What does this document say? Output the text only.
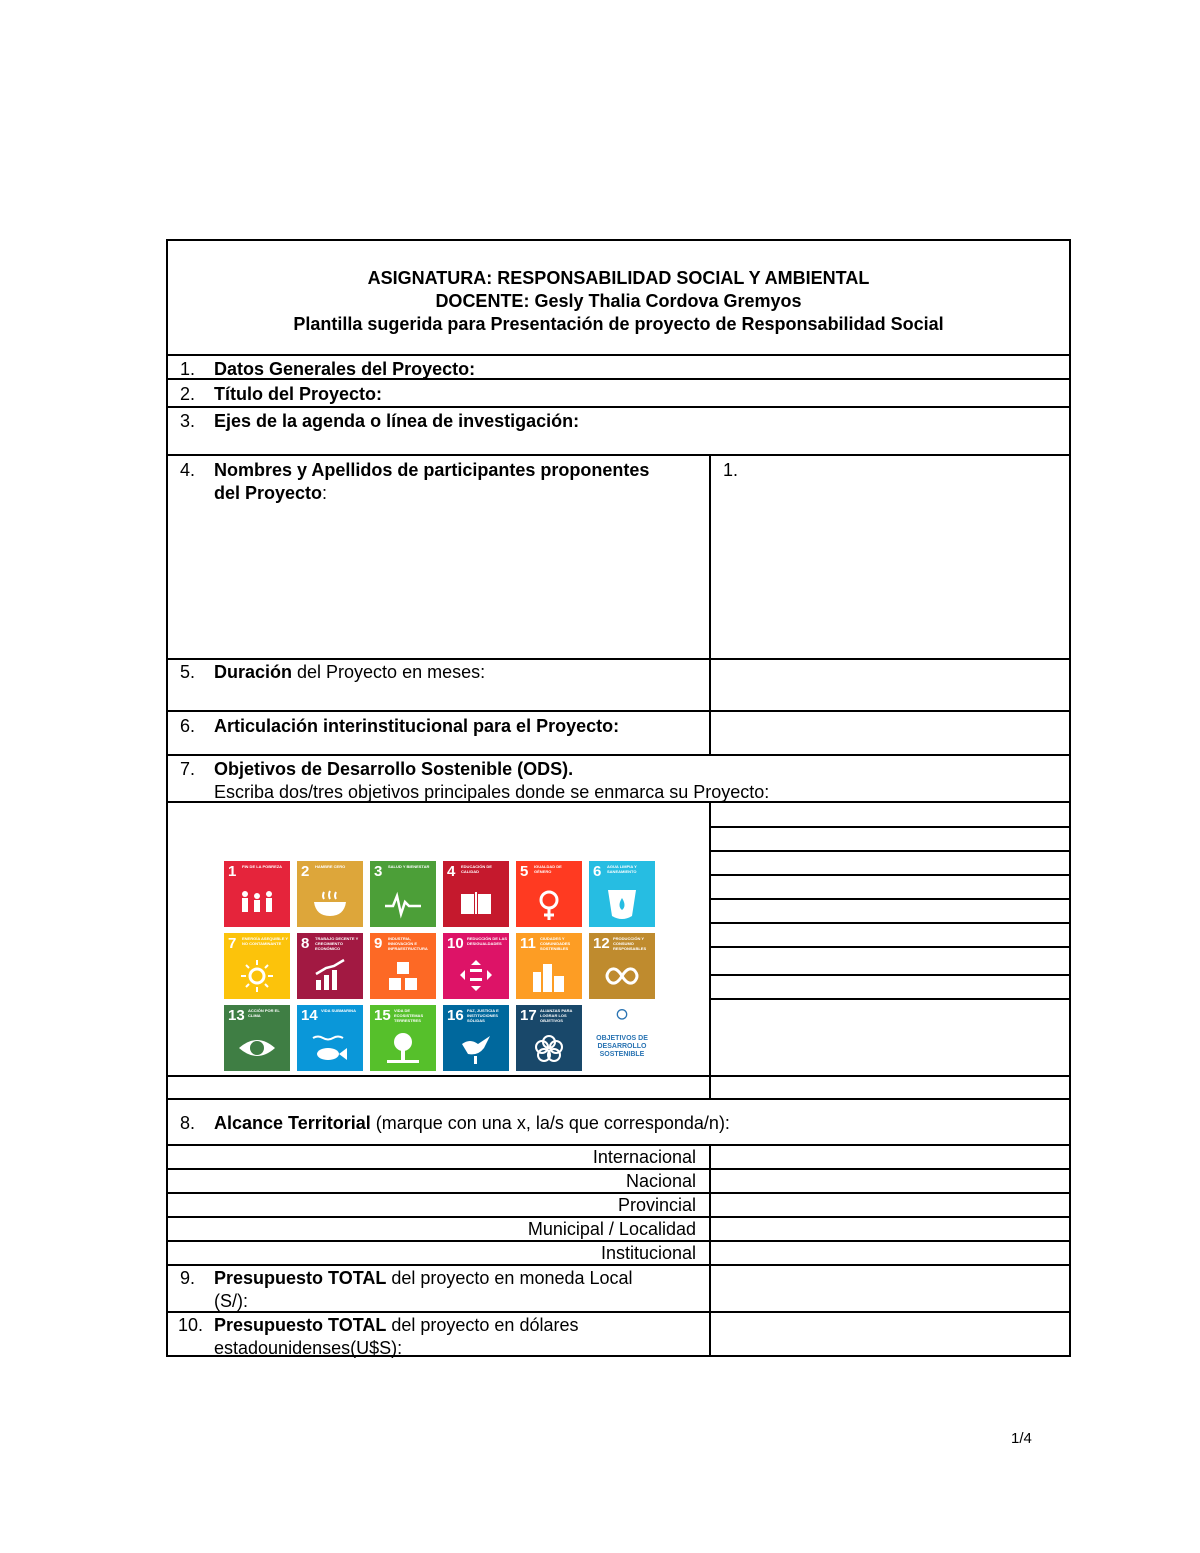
ASIGNATURA: RESPONSABILIDAD SOCIAL Y AMBIENTAL
DOCENTE: Gesly Thalia Cordova Gremyos
Plantilla sugerida para Presentación de proyecto de Responsabilidad Social
1. Datos Generales del Proyecto:
2. Título del Proyecto:
3. Ejes de la agenda o línea de investigación:
4. Nombres y Apellidos de participantes proponentes
del Proyecto:
1.
5. Duración del Proyecto en meses:
6. Articulación interinstitucional para el Proyecto:
7. Objetivos de Desarrollo Sostenible (ODS).
Escriba dos/tres objetivos principales donde se enmarca su Proyecto:
1 FIN DE LA POBREZA	2 HAMBRE CERO	3 SALUD Y BIENESTAR	4 EDUCACIÓN DE CALIDAD	5 IGUALDAD DE GÉNERO	6 AGUA LIMPIA Y SANEAMIENTO
7 ENERGÍA ASEQUIBLE Y NO CONTAMINANTE	8 TRABAJO DECENTE Y CRECIMIENTO ECONÓMICO	9 INDUSTRIA, INNOVACIÓN E INFRAESTRUCTURA	10 REDUCCIÓN DE LAS DESIGUALDADES	11 CIUDADES Y COMUNIDADES SOSTENIBLES	12 PRODUCCIÓN Y CONSUMO RESPONSABLES
13 ACCIÓN POR EL CLIMA	14 VIDA SUBMARINA	15 VIDA DE ECOSISTEMAS TERRESTRES	16 PAZ, JUSTICIA E INSTITUCIONES SÓLIDAS	17 ALIANZAS PARA LOGRAR LOS OBJETIVOS
OBJETIVOS DE DESARROLLO SOSTENIBLE
8. Alcance Territorial (marque con una x, la/s que corresponda/n):
Internacional
Nacional
Provincial
Municipal / Localidad
Institucional
9. Presupuesto TOTAL del proyecto en moneda Local
(S/):
10. Presupuesto TOTAL del proyecto en dólares
estadounidenses(U$S):
1/4
